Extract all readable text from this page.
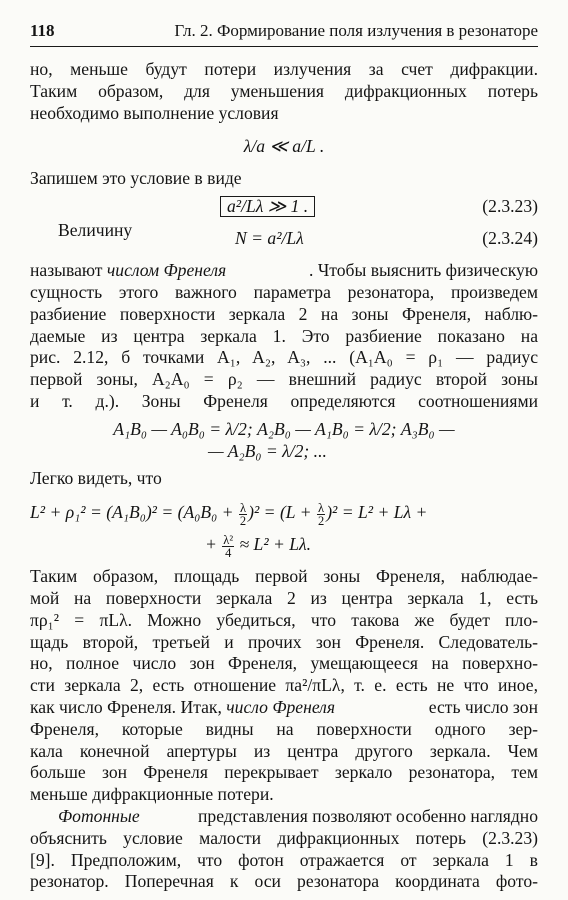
118	Гл. 2. Формирование поля излучения в резонаторе
но, меньше будут потери излучения за счет дифракции.
Таким образом, для уменьшения дифракционных потерь
необходимо выполнение условия
λ/a ≪ a/L .
Запишем это условие в виде
a²/Lλ ≫ 1 .	(2.3.23)
Величину	N = a²/Lλ	(2.3.24)
называют числом Френеля	. Чтобы выяснить физическую
сущность этого важного параметра резонатора, произведем
разбиение поверхности зеркала 2 на зоны Френеля, наблю-
даемые из центра зеркала 1. Это разбиение показано на
рис. 2.12, б точками A₁, A₂, A₃, ... (A₁A₀ = ρ₁ — радиус
первой зоны, A₂A₀ = ρ₂ — внешний радиус второй зоны
и т. д.). Зоны Френеля определяются соотношениями
A₁B₀ — A₀B₀ = λ/2; A₂B₀ — A₁B₀ = λ/2; A₃B₀ —
— A₂B₀ = λ/2; ...
Легко видеть, что
$L^2 + \rho_1^2 = (A_1B_0)^2 = (A_0B_0 + \frac{\lambda}{2} )^2 = (L + \frac{\lambda}{2} )^2 = L^2 + L\lambda$ +
+ $\frac{\text{λ²}}{4} \approx L^2 + L\lambda$.
Таким образом, площадь первой зоны Френеля, наблюдае-
мой на поверхности зеркала 2 из центра зеркала 1, есть
πρ₁² = πLλ. Можно убедиться, что такова же будет пло-
щадь второй, третьей и прочих зон Френеля. Следователь-
но, полное число зон Френеля, умещающееся на поверхно-
сти зеркала 2, есть отношение πa²/πLλ, т. е. есть не что иное,
как число Френеля. Итак, число Френеля	есть число зон
Френеля, которые видны на поверхности одного зер-
кала конечной апертуры из центра другого зеркала. Чем
больше зон Френеля перекрывает зеркало резонатора, тем
меньше дифракционные потери.
Фотонные	представления позволяют особенно наглядно
объяснить условие малости дифракционных потерь (2.3.23)
[9]. Предположим, что фотон отражается от зеркала 1 в
резонатор. Поперечная к оси резонатора координата фото-
